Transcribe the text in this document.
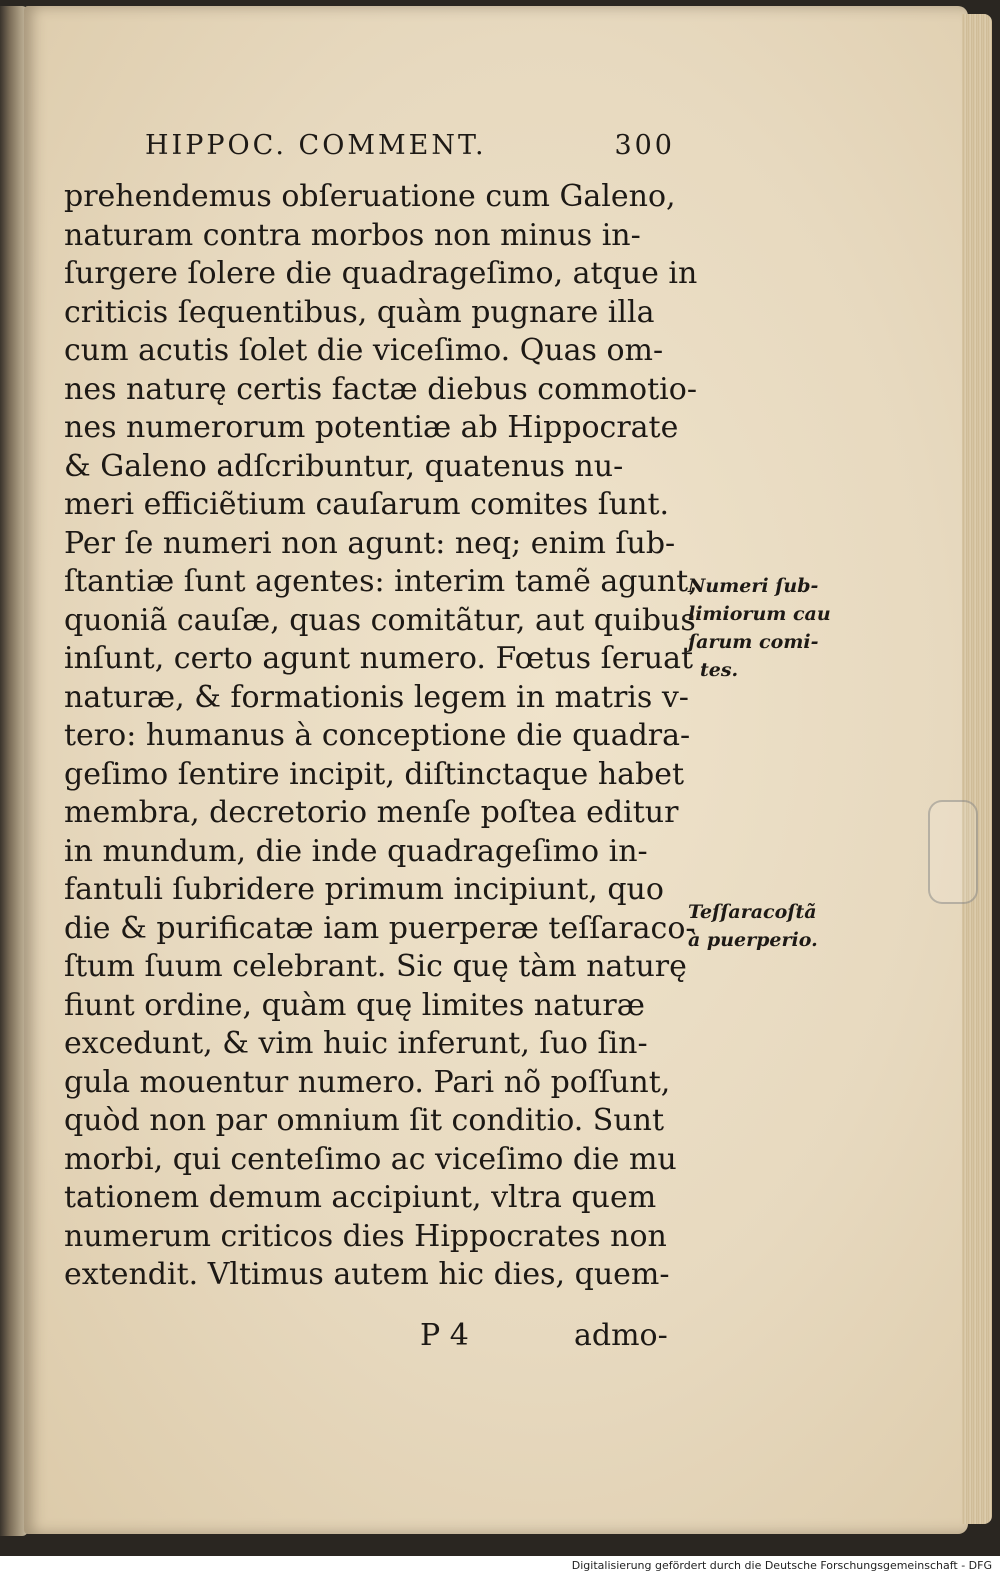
HIPPOC. COMMENT.	300
prehendemus obſeruatione cum Galeno,
naturam contra morbos non minus in-
ſurgere ſolere die quadrageſimo, atque in
criticis ſequentibus, quàm pugnare illa
cum acutis ſolet die viceſimo. Quas om-
nes naturę certis factæ diebus commotio-
nes numerorum potentiæ ab Hippocrate
& Galeno adſcribuntur, quatenus nu-
meri efficiẽtium cauſarum comites ſunt.
Per ſe numeri non agunt: neq; enim ſub-
ſtantiæ ſunt agentes: interim tamẽ agunt,
quoniã cauſæ, quas comitãtur, aut quibus
inſunt, certo agunt numero. Fœtus ſeruat
naturæ, & formationis legem in matris v-
tero: humanus à conceptione die quadra-
geſimo ſentire incipit, diſtinctaque habet
membra, decretorio menſe poſtea editur
in mundum, die inde quadrageſimo in-
fantuli ſubridere primum incipiunt, quo
die & purificatæ iam puerperæ teſſaraco-
ſtum ſuum celebrant. Sic quę tàm naturę
fiunt ordine, quàm quę limites naturæ
excedunt, & vim huic inferunt, ſuo ſin-
gula mouentur numero. Pari nõ poſſunt,
quòd non par omnium ſit conditio. Sunt
morbi, qui centeſimo ac viceſimo die mu
tationem demum accipiunt, vltra quem
numerum criticos dies Hippocrates non
extendit. Vltimus autem hic dies, quem-
Numeri ſub-
limiorum cau
ſarum comi-
tes.
Teſſaracoſtã
à puerperio.
P 4	admo-
Digitalisierung gefördert durch die Deutsche Forschungsgemeinschaft - DFG
